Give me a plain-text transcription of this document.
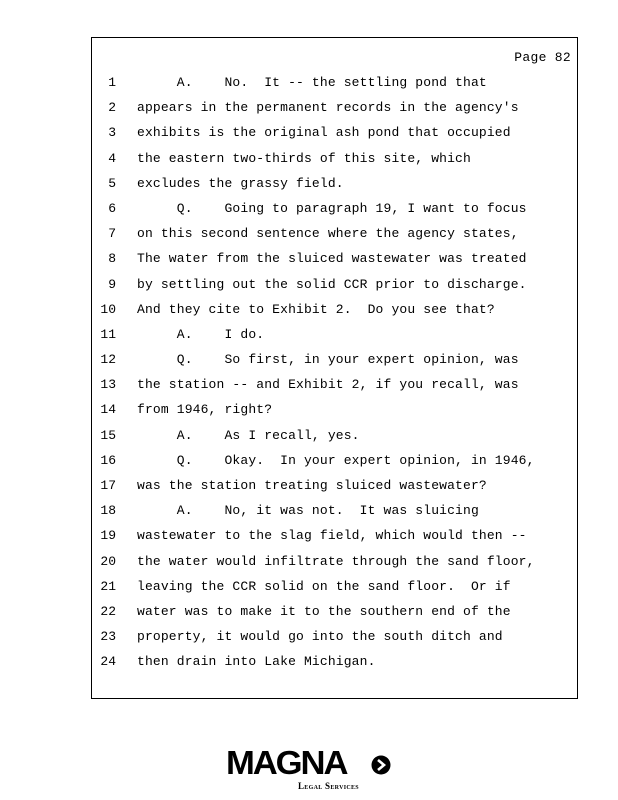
Page 82
1 A.    No.  It -- the settling pond that
2 appears in the permanent records in the agency's
3 exhibits is the original ash pond that occupied
4 the eastern two-thirds of this site, which
5 excludes the grassy field.
6 Q.    Going to paragraph 19, I want to focus
7 on this second sentence where the agency states,
8 The water from the sluiced wastewater was treated
9 by settling out the solid CCR prior to discharge.
10 And they cite to Exhibit 2.  Do you see that?
11 A.    I do.
12 Q.    So first, in your expert opinion, was
13 the station -- and Exhibit 2, if you recall, was
14 from 1946, right?
15 A.    As I recall, yes.
16 Q.    Okay.  In your expert opinion, in 1946,
17 was the station treating sluiced wastewater?
18 A.    No, it was not.  It was sluicing
19 wastewater to the slag field, which would then --
20 the water would infiltrate through the sand floor,
21 leaving the CCR solid on the sand floor.  Or if
22 water was to make it to the southern end of the
23 property, it would go into the south ditch and
24 then drain into Lake Michigan.
MAGNA
Legal Services
